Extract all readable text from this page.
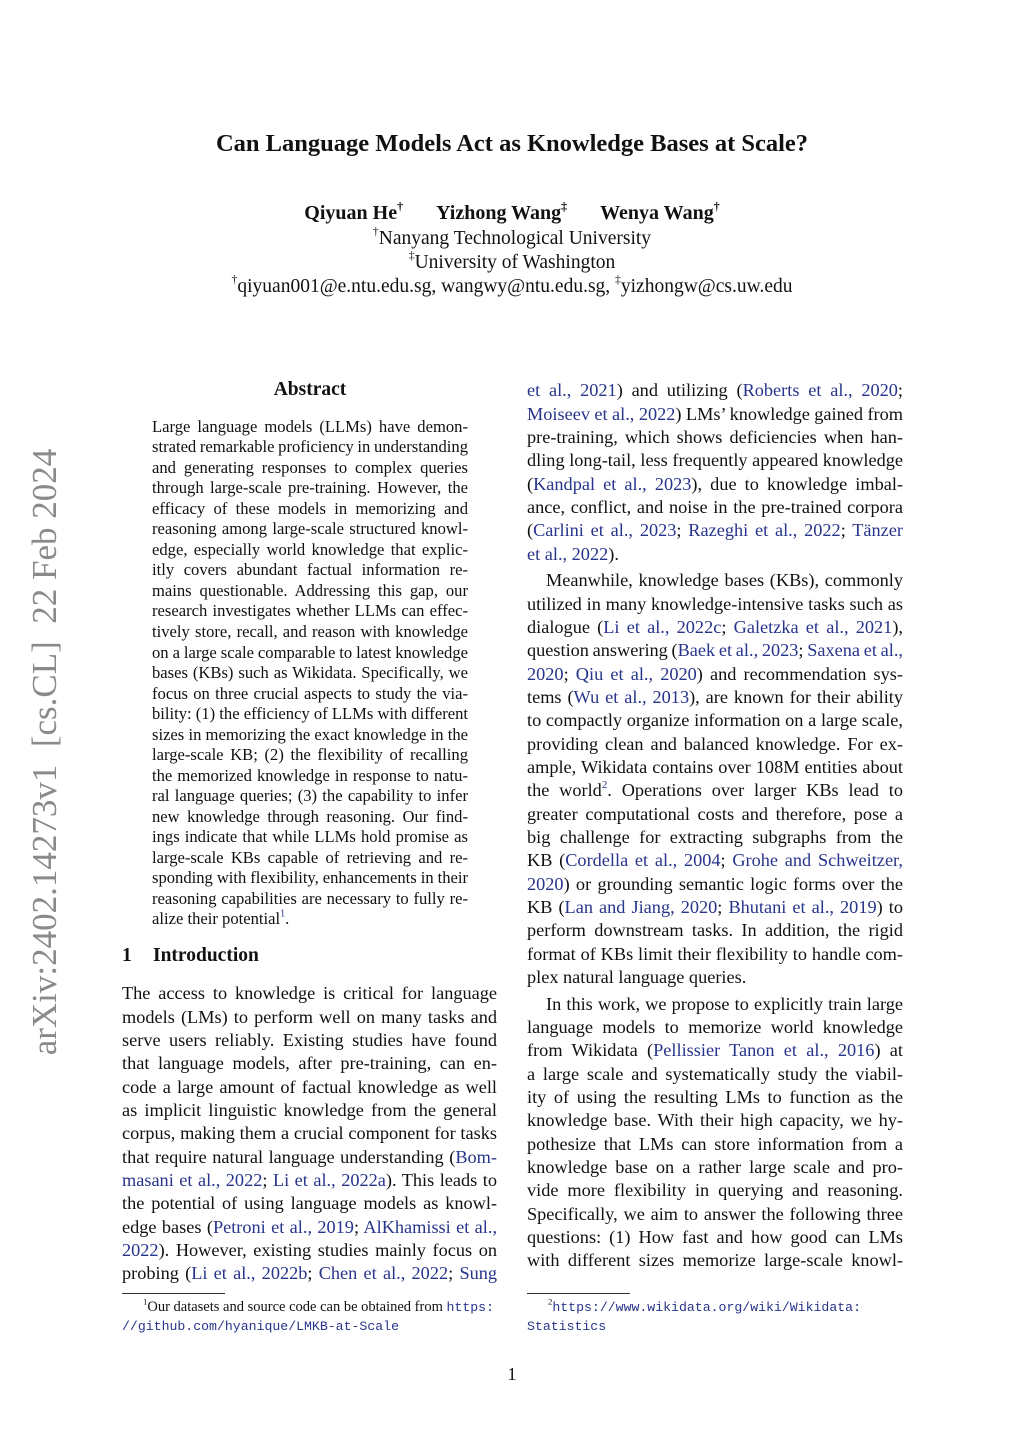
arXiv:2402.14273v1  [cs.CL]  22 Feb 2024
Can Language Models Act as Knowledge Bases at Scale?
Qiyuan He† Yizhong Wang‡ Wenya Wang†
†Nanyang Technological University
‡University of Washington
†qiyuan001@e.ntu.edu.sg, wangwy@ntu.edu.sg, ‡yizhongw@cs.uw.edu
Abstract
Large language models (LLMs) have demon-
strated remarkable proficiency in understanding
and generating responses to complex queries
through large-scale pre-training. However, the
efficacy of these models in memorizing and
reasoning among large-scale structured knowl-
edge, especially world knowledge that explic-
itly covers abundant factual information re-
mains questionable. Addressing this gap, our
research investigates whether LLMs can effec-
tively store, recall, and reason with knowledge
on a large scale comparable to latest knowledge
bases (KBs) such as Wikidata. Specifically, we
focus on three crucial aspects to study the via-
bility: (1) the efficiency of LLMs with different
sizes in memorizing the exact knowledge in the
large-scale KB; (2) the flexibility of recalling
the memorized knowledge in response to natu-
ral language queries; (3) the capability to infer
new knowledge through reasoning. Our find-
ings indicate that while LLMs hold promise as
large-scale KBs capable of retrieving and re-
sponding with flexibility, enhancements in their
reasoning capabilities are necessary to fully re-
alize their potential$^1$.
1 Introduction
The access to knowledge is critical for language
models (LMs) to perform well on many tasks and
serve users reliably. Existing studies have found
that language models, after pre-training, can en-
code a large amount of factual knowledge as well
as implicit linguistic knowledge from the general
corpus, making them a crucial component for tasks
that require natural language understanding (Bom-
masani et al., 2022; Li et al., 2022a). This leads to
the potential of using language models as knowl-
edge bases (Petroni et al., 2019; AlKhamissi et al.,
2022). However, existing studies mainly focus on
probing (Li et al., 2022b; Chen et al., 2022; Sung
et al., 2021) and utilizing (Roberts et al., 2020;
Moiseev et al., 2022) LMs’ knowledge gained from
pre-training, which shows deficiencies when han-
dling long-tail, less frequently appeared knowledge
(Kandpal et al., 2023), due to knowledge imbal-
ance, conflict, and noise in the pre-trained corpora
(Carlini et al., 2023; Razeghi et al., 2022; Tänzer
et al., 2022).
Meanwhile, knowledge bases (KBs), commonly
utilized in many knowledge-intensive tasks such as
dialogue (Li et al., 2022c; Galetzka et al., 2021),
question answering (Baek et al., 2023; Saxena et al.,
2020; Qiu et al., 2020) and recommendation sys-
tems (Wu et al., 2013), are known for their ability
to compactly organize information on a large scale,
providing clean and balanced knowledge. For ex-
ample, Wikidata contains over 108M entities about
the world$^2$. Operations over larger KBs lead to
greater computational costs and therefore, pose a
big challenge for extracting subgraphs from the
KB (Cordella et al., 2004; Grohe and Schweitzer,
2020) or grounding semantic logic forms over the
KB (Lan and Jiang, 2020; Bhutani et al., 2019) to
perform downstream tasks. In addition, the rigid
format of KBs limit their flexibility to handle com-
plex natural language queries.
In this work, we propose to explicitly train large
language models to memorize world knowledge
from Wikidata (Pellissier Tanon et al., 2016) at
a large scale and systematically study the viabil-
ity of using the resulting LMs to function as the
knowledge base. With their high capacity, we hy-
pothesize that LMs can store information from a
knowledge base on a rather large scale and pro-
vide more flexibility in querying and reasoning.
Specifically, we aim to answer the following three
questions: (1) How fast and how good can LMs
with different sizes memorize large-scale knowl-
$^1$Our datasets and source code can be obtained from https:
//github.com/hyanique/LMKB-at-Scale
$^2$https://www.wikidata.org/wiki/Wikidata:
Statistics
1
